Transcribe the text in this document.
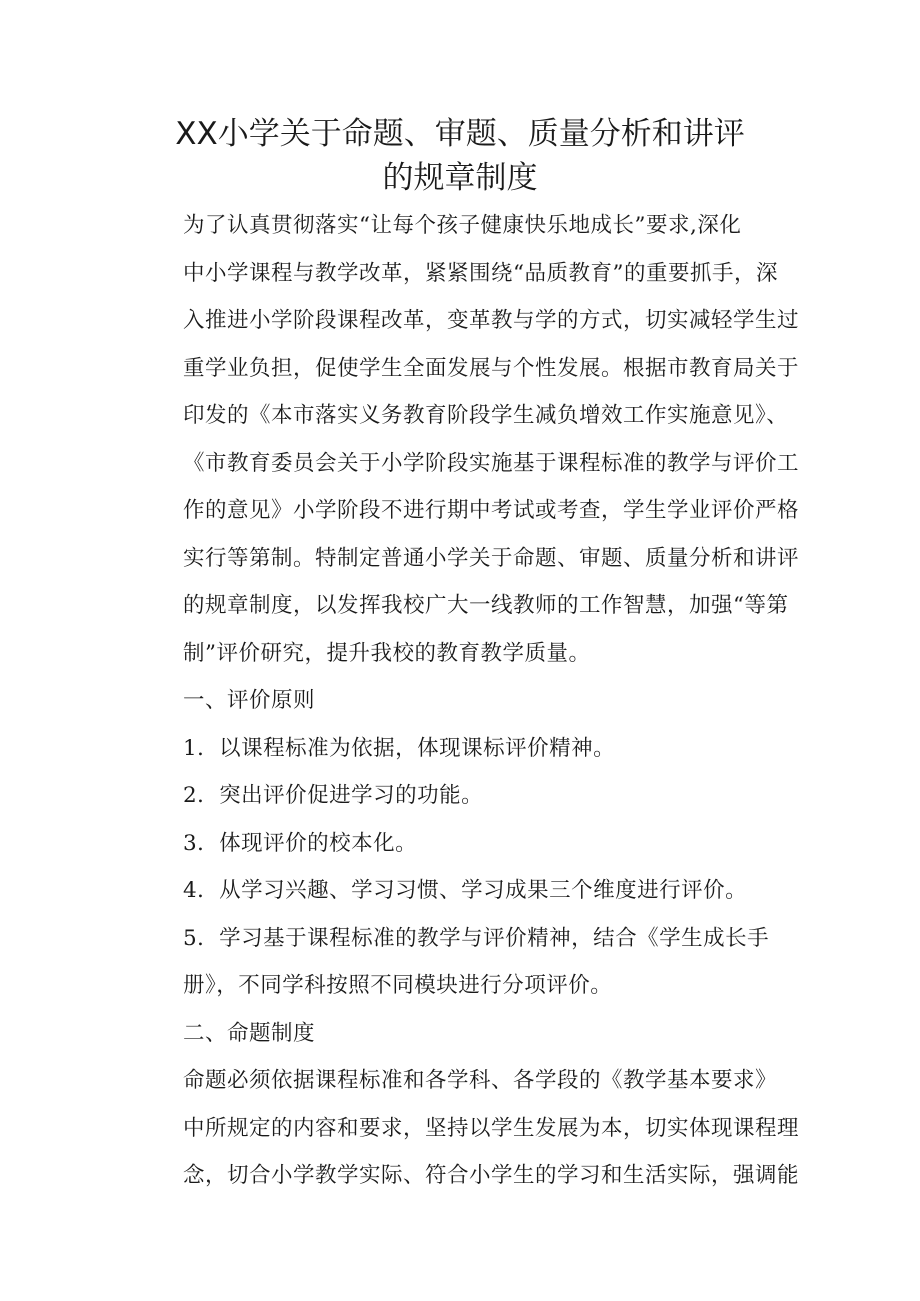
XX小学关于命题、审题、质量分析和讲评
的规章制度

为了认真贯彻落实“让每个孩子健康快乐地成长”要求,深化
中小学课程与教学改革，紧紧围绕“品质教育”的重要抓手，深
入推进小学阶段课程改革，变革教与学的方式，切实减轻学生过
重学业负担，促使学生全面发展与个性发展。根据市教育局关于
印发的《本市落实义务教育阶段学生减负增效工作实施意见》、
《市教育委员会关于小学阶段实施基于课程标准的教学与评价工
作的意见》小学阶段不进行期中考试或考查，学生学业评价严格
实行等第制。特制定普通小学关于命题、审题、质量分析和讲评
的规章制度，以发挥我校广大一线教师的工作智慧，加强“等第
制”评价研究，提升我校的教育教学质量。

一、评价原则

1．以课程标准为依据，体现课标评价精神。

2．突出评价促进学习的功能。

3．体现评价的校本化。

4．从学习兴趣、学习习惯、学习成果三个维度进行评价。

5．学习基于课程标准的教学与评价精神，结合《学生成长手
册》，不同学科按照不同模块进行分项评价。

二、命题制度

命题必须依据课程标准和各学科、各学段的《教学基本要求》
中所规定的内容和要求，坚持以学生发展为本，切实体现课程理
念，切合小学教学实际、符合小学生的学习和生活实际，强调能
